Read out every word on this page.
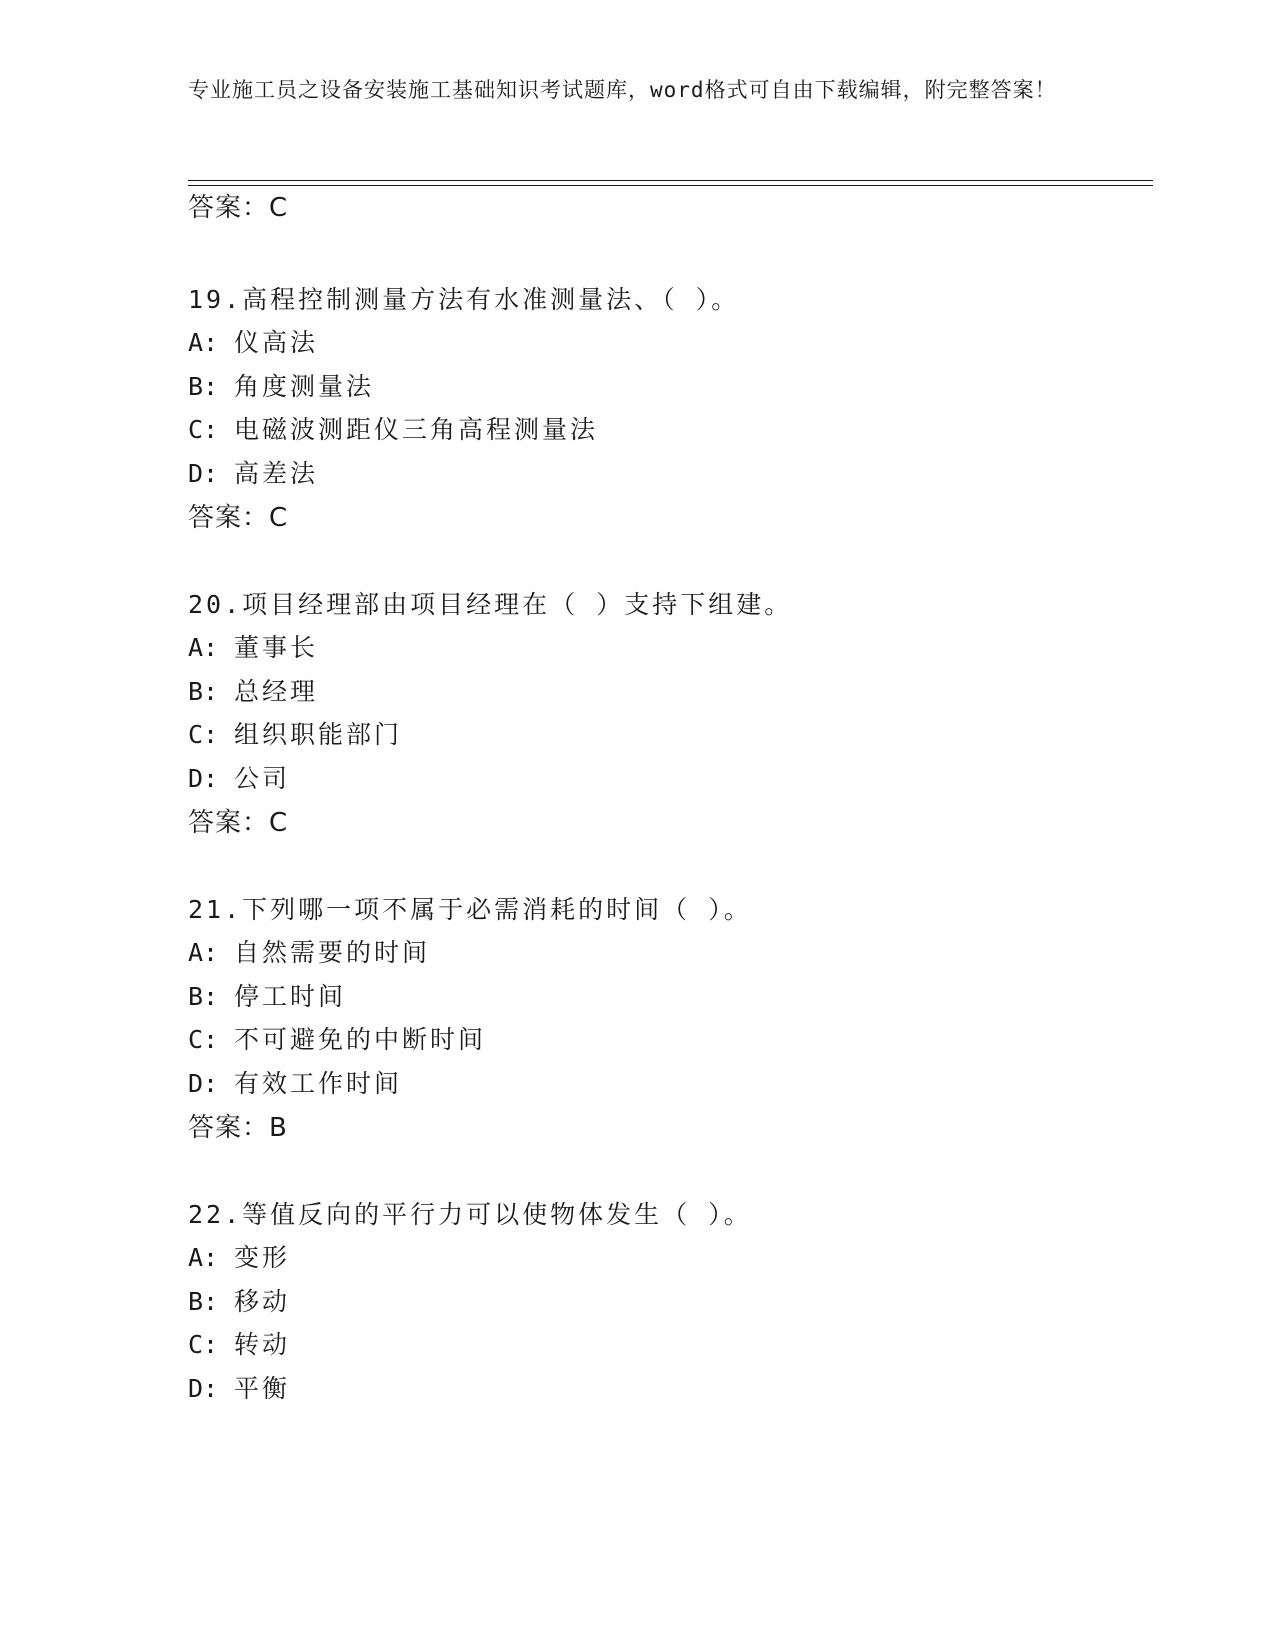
专业施工员之设备安装施工基础知识考试题库，word格式可自由下载编辑，附完整答案！
答案：C
19.高程控制测量方法有水准测量法、（ ）。
A: 仪高法
B: 角度测量法
C: 电磁波测距仪三角高程测量法
D: 高差法
答案：C
20.项目经理部由项目经理在（ ）支持下组建。
A: 董事长
B: 总经理
C: 组织职能部门
D: 公司
答案：C
21.下列哪一项不属于必需消耗的时间（ ）。
A: 自然需要的时间
B: 停工时间
C: 不可避免的中断时间
D: 有效工作时间
答案：B
22.等值反向的平行力可以使物体发生（ ）。
A: 变形
B: 移动
C: 转动
D: 平衡
